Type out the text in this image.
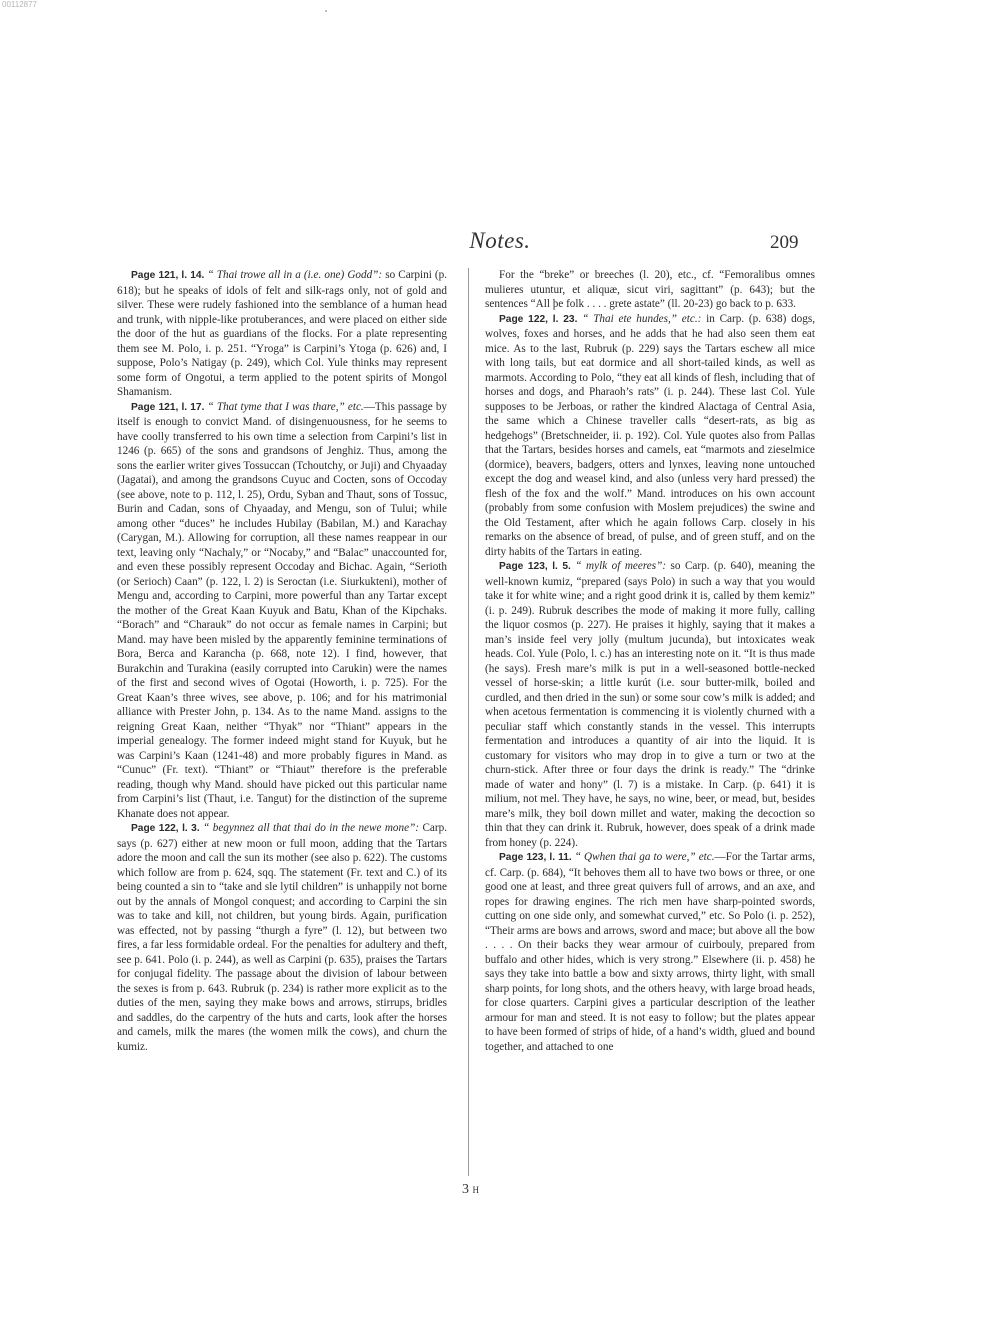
00112877
Notes.	209

Page 121, l. 14. “ Thai trowe all in a (i.e. one) Godd”: so Carpini (p. 618); but he speaks of idols of felt and silk-rags only, not of gold and silver. These were rudely fashioned into the semblance of a human head and trunk, with nipple-like protuberances, and were placed on either side the door of the hut as guardians of the flocks. For a plate representing them see M. Polo, i. p. 251. “Yroga” is Carpini’s Ytoga (p. 626) and, I suppose, Polo’s Natigay (p. 249), which Col. Yule thinks may represent some form of Ongotui, a term applied to the potent spirits of Mongol Shamanism.

Page 121, l. 17. “ That tyme that I was thare,” etc.—This passage by itself is enough to convict Mand. of disingenuousness, for he seems to have coolly transferred to his own time a selection from Carpini’s list in 1246 (p. 665) of the sons and grandsons of Jenghiz. Thus, among the sons the earlier writer gives Tossuccan (Tchoutchy, or Juji) and Chyaaday (Jagatai), and among the grandsons Cuyuc and Cocten, sons of Occoday (see above, note to p. 112, l. 25), Ordu, Syban and Thaut, sons of Tossuc, Burin and Cadan, sons of Chyaaday, and Mengu, son of Tului; while among other “duces” he includes Hubilay (Babilan, M.) and Karachay (Carygan, M.). Allowing for corruption, all these names reappear in our text, leaving only “Nachaly,” or “Nocaby,” and “Balac” unaccounted for, and even these possibly represent Occoday and Bichac. Again, “Serioth (or Serioch) Caan” (p. 122, l. 2) is Seroctan (i.e. Siurkukteni), mother of Mengu and, according to Carpini, more powerful than any Tartar except the mother of the Great Kaan Kuyuk and Batu, Khan of the Kipchaks. “Borach” and “Charauk” do not occur as female names in Carpini; but Mand. may have been misled by the apparently feminine terminations of Bora, Berca and Karancha (p. 668, note 12). I find, however, that Burakchin and Turakina (easily corrupted into Carukin) were the names of the first and second wives of Ogotai (Howorth, i. p. 725). For the Great Kaan’s three wives, see above, p. 106; and for his matrimonial alliance with Prester John, p. 134. As to the name Mand. assigns to the reigning Great Kaan, neither “Thyak” nor “Thiant” appears in the imperial genealogy. The former indeed might stand for Kuyuk, but he was Carpini’s Kaan (1241-48) and more probably figures in Mand. as “Cunuc” (Fr. text). “Thiant” or “Thiaut” therefore is the preferable reading, though why Mand. should have picked out this particular name from Carpini’s list (Thaut, i.e. Tangut) for the distinction of the supreme Khanate does not appear.

Page 122, l. 3. “ begynnez all that thai do in the newe mone”: Carp. says (p. 627) either at new moon or full moon, adding that the Tartars adore the moon and call the sun its mother (see also p. 622). The customs which follow are from p. 624, sqq. The statement (Fr. text and C.) of its being counted a sin to “take and sle lytil children” is unhappily not borne out by the annals of Mongol conquest; and according to Carpini the sin was to take and kill, not children, but young birds. Again, purification was effected, not by passing “thurgh a fyre” (l. 12), but between two fires, a far less formidable ordeal. For the penalties for adultery and theft, see p. 641. Polo (i. p. 244), as well as Carpini (p. 635), praises the Tartars for conjugal fidelity. The passage about the division of labour between the sexes is from p. 643. Rubruk (p. 234) is rather more explicit as to the duties of the men, saying they make bows and arrows, stirrups, bridles and saddles, do the carpentry of the huts and carts, look after the horses and camels, milk the mares (the women milk the cows), and churn the kumiz.

For the “breke” or breeches (l. 20), etc., cf. “Femoralibus omnes mulieres utuntur, et aliquæ, sicut viri, sagittant” (p. 643); but the sentences “All þe folk . . . . grete astate” (ll. 20-23) go back to p. 633.

Page 122, l. 23. “ Thai ete hundes,” etc.: in Carp. (p. 638) dogs, wolves, foxes and horses, and he adds that he had also seen them eat mice. As to the last, Rubruk (p. 229) says the Tartars eschew all mice with long tails, but eat dormice and all short-tailed kinds, as well as marmots. According to Polo, “they eat all kinds of flesh, including that of horses and dogs, and Pharaoh’s rats” (i. p. 244). These last Col. Yule supposes to be Jerboas, or rather the kindred Alactaga of Central Asia, the same which a Chinese traveller calls “desert-rats, as big as hedgehogs” (Bretschneider, ii. p. 192). Col. Yule quotes also from Pallas that the Tartars, besides horses and camels, eat “marmots and zieselmice (dormice), beavers, badgers, otters and lynxes, leaving none untouched except the dog and weasel kind, and also (unless very hard pressed) the flesh of the fox and the wolf.” Mand. introduces on his own account (probably from some confusion with Moslem prejudices) the swine and the Old Testament, after which he again follows Carp. closely in his remarks on the absence of bread, of pulse, and of green stuff, and on the dirty habits of the Tartars in eating.

Page 123, l. 5. “ mylk of meeres”: so Carp. (p. 640), meaning the well-known kumiz, “prepared (says Polo) in such a way that you would take it for white wine; and a right good drink it is, called by them kemiz” (i. p. 249). Rubruk describes the mode of making it more fully, calling the liquor cosmos (p. 227). He praises it highly, saying that it makes a man’s inside feel very jolly (multum jucunda), but intoxicates weak heads. Col. Yule (Polo, l. c.) has an interesting note on it. “It is thus made (he says). Fresh mare’s milk is put in a well-seasoned bottle-necked vessel of horse-skin; a little kurút (i.e. sour butter-milk, boiled and curdled, and then dried in the sun) or some sour cow’s milk is added; and when acetous fermentation is commencing it is violently churned with a peculiar staff which constantly stands in the vessel. This interrupts fermentation and introduces a quantity of air into the liquid. It is customary for visitors who may drop in to give a turn or two at the churn-stick. After three or four days the drink is ready.” The “drinke made of water and hony” (l. 7) is a mistake. In Carp. (p. 641) it is milium, not mel. They have, he says, no wine, beer, or mead, but, besides mare’s milk, they boil down millet and water, making the decoction so thin that they can drink it. Rubruk, however, does speak of a drink made from honey (p. 224).

Page 123, l. 11. “ Qwhen thai ga to were,” etc.—For the Tartar arms, cf. Carp. (p. 684), “It behoves them all to have two bows or three, or one good one at least, and three great quivers full of arrows, and an axe, and ropes for drawing engines. The rich men have sharp-pointed swords, cutting on one side only, and somewhat curved,” etc. So Polo (i. p. 252), “Their arms are bows and arrows, sword and mace; but above all the bow . . . . On their backs they wear armour of cuirbouly, prepared from buffalo and other hides, which is very strong.” Elsewhere (ii. p. 458) he says they take into battle a bow and sixty arrows, thirty light, with small sharp points, for long shots, and the others heavy, with large broad heads, for close quarters. Carpini gives a particular description of the leather armour for man and steed. It is not easy to follow; but the plates appear to have been formed of strips of hide, of a hand’s width, glued and bound together, and attached to one

3 H
